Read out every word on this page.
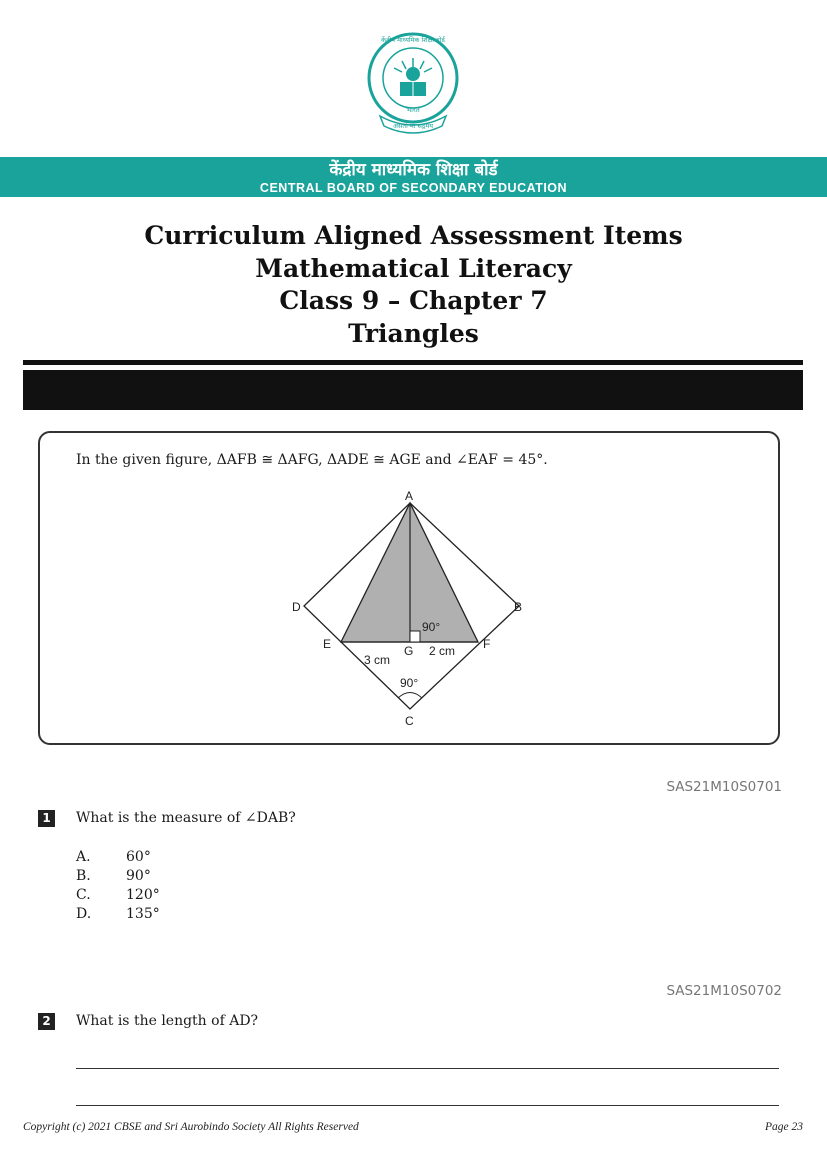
भारत
असतो मा सद्गमय
केंद्रीय माध्यमिक शिक्षा बोर्ड
केंद्रीय माध्यमिक शिक्षा बोर्ड
CENTRAL BOARD OF SECONDARY EDUCATION
Curriculum Aligned Assessment Items
Mathematical Literacy
Class 9 – Chapter 7
Triangles
In the given figure, ΔAFB ≅ ΔAFG, ΔADE ≅ AGE and ∠EAF = 45°.
A
B
C
D
E	F
G
90°
3 cm
2 cm
90°
SAS21M10S0701
1	What is the measure of ∠DAB?
A.	60°
B.	90°
C.	120°
D. 135°
SAS21M10S0702
2	What is the length of AD?
Copyright (c) 2021 CBSE and Sri Aurobindo Society All Rights Reserved	Page 23
